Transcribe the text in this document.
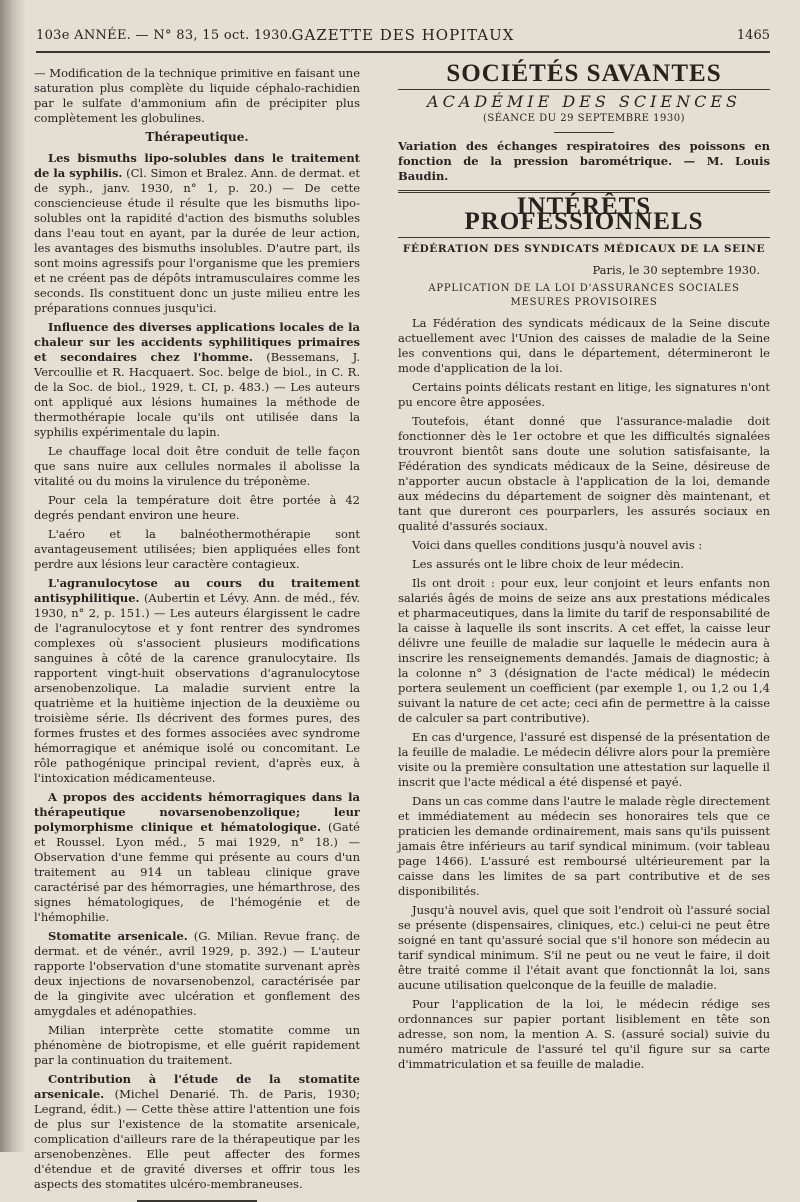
103e ANNÉE. — N° 83, 15 oct. 1930.
GAZETTE DES HOPITAUX	1465

— Modification de la technique primitive en faisant une saturation plus complète du liquide céphalo-rachidien par le sulfate d'ammonium afin de précipiter plus complètement les globulines.

Thérapeutique.

Les bismuths lipo-solubles dans le traitement de la syphilis. (Cl. Simon et Bralez. Ann. de dermat. et de syph., janv. 1930, n° 1, p. 20.) — De cette consciencieuse étude il résulte que les bismuths lipo-solubles ont la rapidité d'action des bismuths solubles dans l'eau tout en ayant, par la durée de leur action, les avantages des bismuths insolubles. D'autre part, ils sont moins agressifs pour l'organisme que les premiers et ne créent pas de dépôts intramusculaires comme les seconds. Ils constituent donc un juste milieu entre les préparations connues jusqu'ici.

Influence des diverses applications locales de la chaleur sur les accidents syphilitiques primaires et secondaires chez l'homme. (Bessemans, J. Vercoullie et R. Hacquaert. Soc. belge de biol., in C. R. de la Soc. de biol., 1929, t. CI, p. 483.) — Les auteurs ont appliqué aux lésions humaines la méthode de thermothérapie locale qu'ils ont utilisée dans la syphilis expérimentale du lapin.

Le chauffage local doit être conduit de telle façon que sans nuire aux cellules normales il abolisse la vitalité ou du moins la virulence du tréponème.

Pour cela la température doit être portée à 42 degrés pendant environ une heure.

L'aéro et la balnéothermothérapie sont avantageusement utilisées; bien appliquées elles font perdre aux lésions leur caractère contagieux.

L'agranulocytose au cours du traitement antisyphilitique. (Aubertin et Lévy. Ann. de méd., fév. 1930, n° 2, p. 151.) — Les auteurs élargissent le cadre de l'agranulocytose et y font rentrer des syndromes complexes où s'associent plusieurs modifications sanguines à côté de la carence granulocytaire. Ils rapportent vingt-huit observations d'agranulocytose arsenobenzolique. La maladie survient entre la quatrième et la huitième injection de la deuxième ou troisième série. Ils décrivent des formes pures, des formes frustes et des formes associées avec syndrome hémorragique et anémique isolé ou concomitant. Le rôle pathogénique principal revient, d'après eux, à l'intoxication médicamenteuse.

A propos des accidents hémorragiques dans la thérapeutique novarsenobenzolique; leur polymorphisme clinique et hématologique. (Gaté et Roussel. Lyon méd., 5 mai 1929, n° 18.) — Observation d'une femme qui présente au cours d'un traitement au 914 un tableau clinique grave caractérisé par des hémorragies, une hémarthrose, des signes hématologiques, de l'hémogénie et de l'hémophilie.

Stomatite arsenicale. (G. Milian. Revue franç. de dermat. et de vénér., avril 1929, p. 392.) — L'auteur rapporte l'observation d'une stomatite survenant après deux injections de novarsenobenzol, caractérisée par de la gingivite avec ulcération et gonflement des amygdales et adénopathies.

Milian interprète cette stomatite comme un phénomène de biotropisme, et elle guérit rapidement par la continuation du traitement.

Contribution à l'étude de la stomatite arsenicale. (Michel Denarié. Th. de Paris, 1930; Legrand, édit.) — Cette thèse attire l'attention une fois de plus sur l'existence de la stomatite arsenicale, complication d'ailleurs rare de la thérapeutique par les arsenobenzènes. Elle peut affecter des formes d'étendue et de gravité diverses et offrir tous les aspects des stomatites ulcéro-membraneuses.

SOCIÉTÉS SAVANTES
ACADÉMIE DES SCIENCES
(SÉANCE DU 29 SEPTEMBRE 1930)

Variation des échanges respiratoires des poissons en fonction de la pression barométrique. — M. Louis Baudin.

INTÉRÊTS PROFESSIONNELS
FÉDÉRATION DES SYNDICATS MÉDICAUX DE LA SEINE
Paris, le 30 septembre 1930.
APPLICATION DE LA LOI D'ASSURANCES SOCIALES MESURES PROVISOIRES

La Fédération des syndicats médicaux de la Seine discute actuellement avec l'Union des caisses de maladie de la Seine les conventions qui, dans le département, détermineront le mode d'application de la loi.

Certains points délicats restant en litige, les signatures n'ont pu encore être apposées.

Toutefois, étant donné que l'assurance-maladie doit fonctionner dès le 1er octobre et que les difficultés signalées trouvront bientôt sans doute une solution satisfaisante, la Fédération des syndicats médicaux de la Seine, désireuse de n'apporter aucun obstacle à l'application de la loi, demande aux médecins du département de soigner dès maintenant, et tant que dureront ces pourparlers, les assurés sociaux en qualité d'assurés sociaux.

Voici dans quelles conditions jusqu'à nouvel avis :

Les assurés ont le libre choix de leur médecin.

Ils ont droit : pour eux, leur conjoint et leurs enfants non salariés âgés de moins de seize ans aux prestations médicales et pharmaceutiques, dans la limite du tarif de responsabilité de la caisse à laquelle ils sont inscrits. A cet effet, la caisse leur délivre une feuille de maladie sur laquelle le médecin aura à inscrire les renseignements demandés. Jamais de diagnostic; à la colonne n° 3 (désignation de l'acte médical) le médecin portera seulement un coefficient (par exemple 1, ou 1,2 ou 1,4 suivant la nature de cet acte; ceci afin de permettre à la caisse de calculer sa part contributive).

En cas d'urgence, l'assuré est dispensé de la présentation de la feuille de maladie. Le médecin délivre alors pour la première visite ou la première consultation une attestation sur laquelle il inscrit que l'acte médical a été dispensé et payé.

Dans un cas comme dans l'autre le malade règle directement et immédiatement au médecin ses honoraires tels que ce praticien les demande ordinairement, mais sans qu'ils puissent jamais être inférieurs au tarif syndical minimum. (voir tableau page 1466). L'assuré est remboursé ultérieurement par la caisse dans les limites de sa part contributive et de ses disponibilités.

Jusqu'à nouvel avis, quel que soit l'endroit où l'assuré social se présente (dispensaires, cliniques, etc.) celui-ci ne peut être soigné en tant qu'assuré social que s'il honore son médecin au tarif syndical minimum. S'il ne peut ou ne veut le faire, il doit être traité comme il l'était avant que fonctionnât la loi, sans aucune utilisation quelconque de la feuille de maladie.

Pour l'application de la loi, le médecin rédige ses ordonnances sur papier portant lisiblement en tête son adresse, son nom, la mention A. S. (assuré social) suivie du numéro matricule de l'assuré tel qu'il figure sur sa carte d'immatriculation et sa feuille de maladie.
